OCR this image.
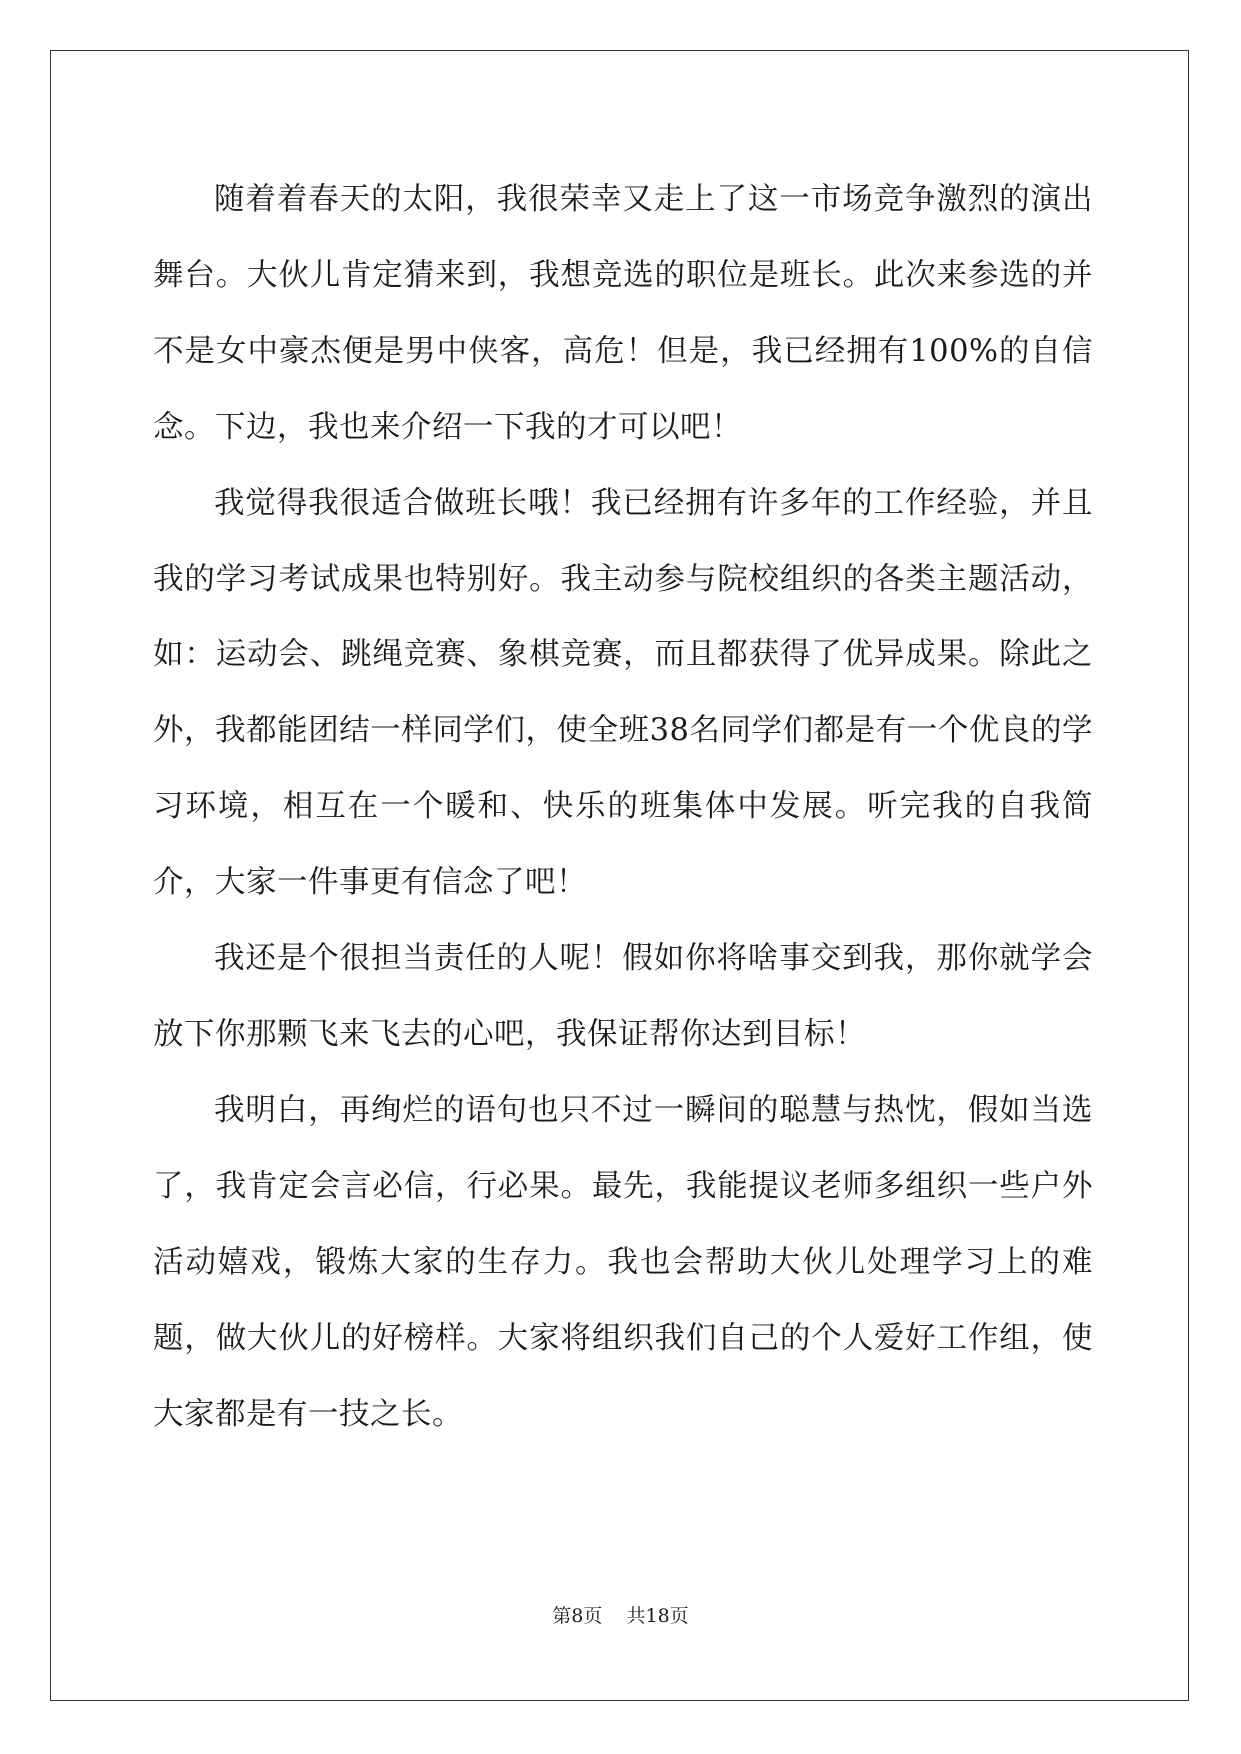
随着着春天的太阳，我很荣幸又走上了这一市场竞争激烈的演出舞台。大伙儿肯定猜来到，我想竞选的职位是班长。此次来参选的并不是女中豪杰便是男中侠客，高危！但是，我已经拥有100%的自信念。下边，我也来介绍一下我的才可以吧！

我觉得我很适合做班长哦！我已经拥有许多年的工作经验，并且我的学习考试成果也特别好。我主动参与院校组织的各类主题活动，如：运动会、跳绳竞赛、象棋竞赛，而且都获得了优异成果。除此之外，我都能团结一样同学们，使全班38名同学们都是有一个优良的学习环境，相互在一个暖和、快乐的班集体中发展。听完我的自我简介，大家一件事更有信念了吧！

我还是个很担当责任的人呢！假如你将啥事交到我，那你就学会放下你那颗飞来飞去的心吧，我保证帮你达到目标！

我明白，再绚烂的语句也只不过一瞬间的聪慧与热忱，假如当选了，我肯定会言必信，行必果。最先，我能提议老师多组织一些户外活动嬉戏，锻炼大家的生存力。我也会帮助大伙儿处理学习上的难题，做大伙儿的好榜样。大家将组织我们自己的个人爱好工作组，使大家都是有一技之长。

第8页 共18页
